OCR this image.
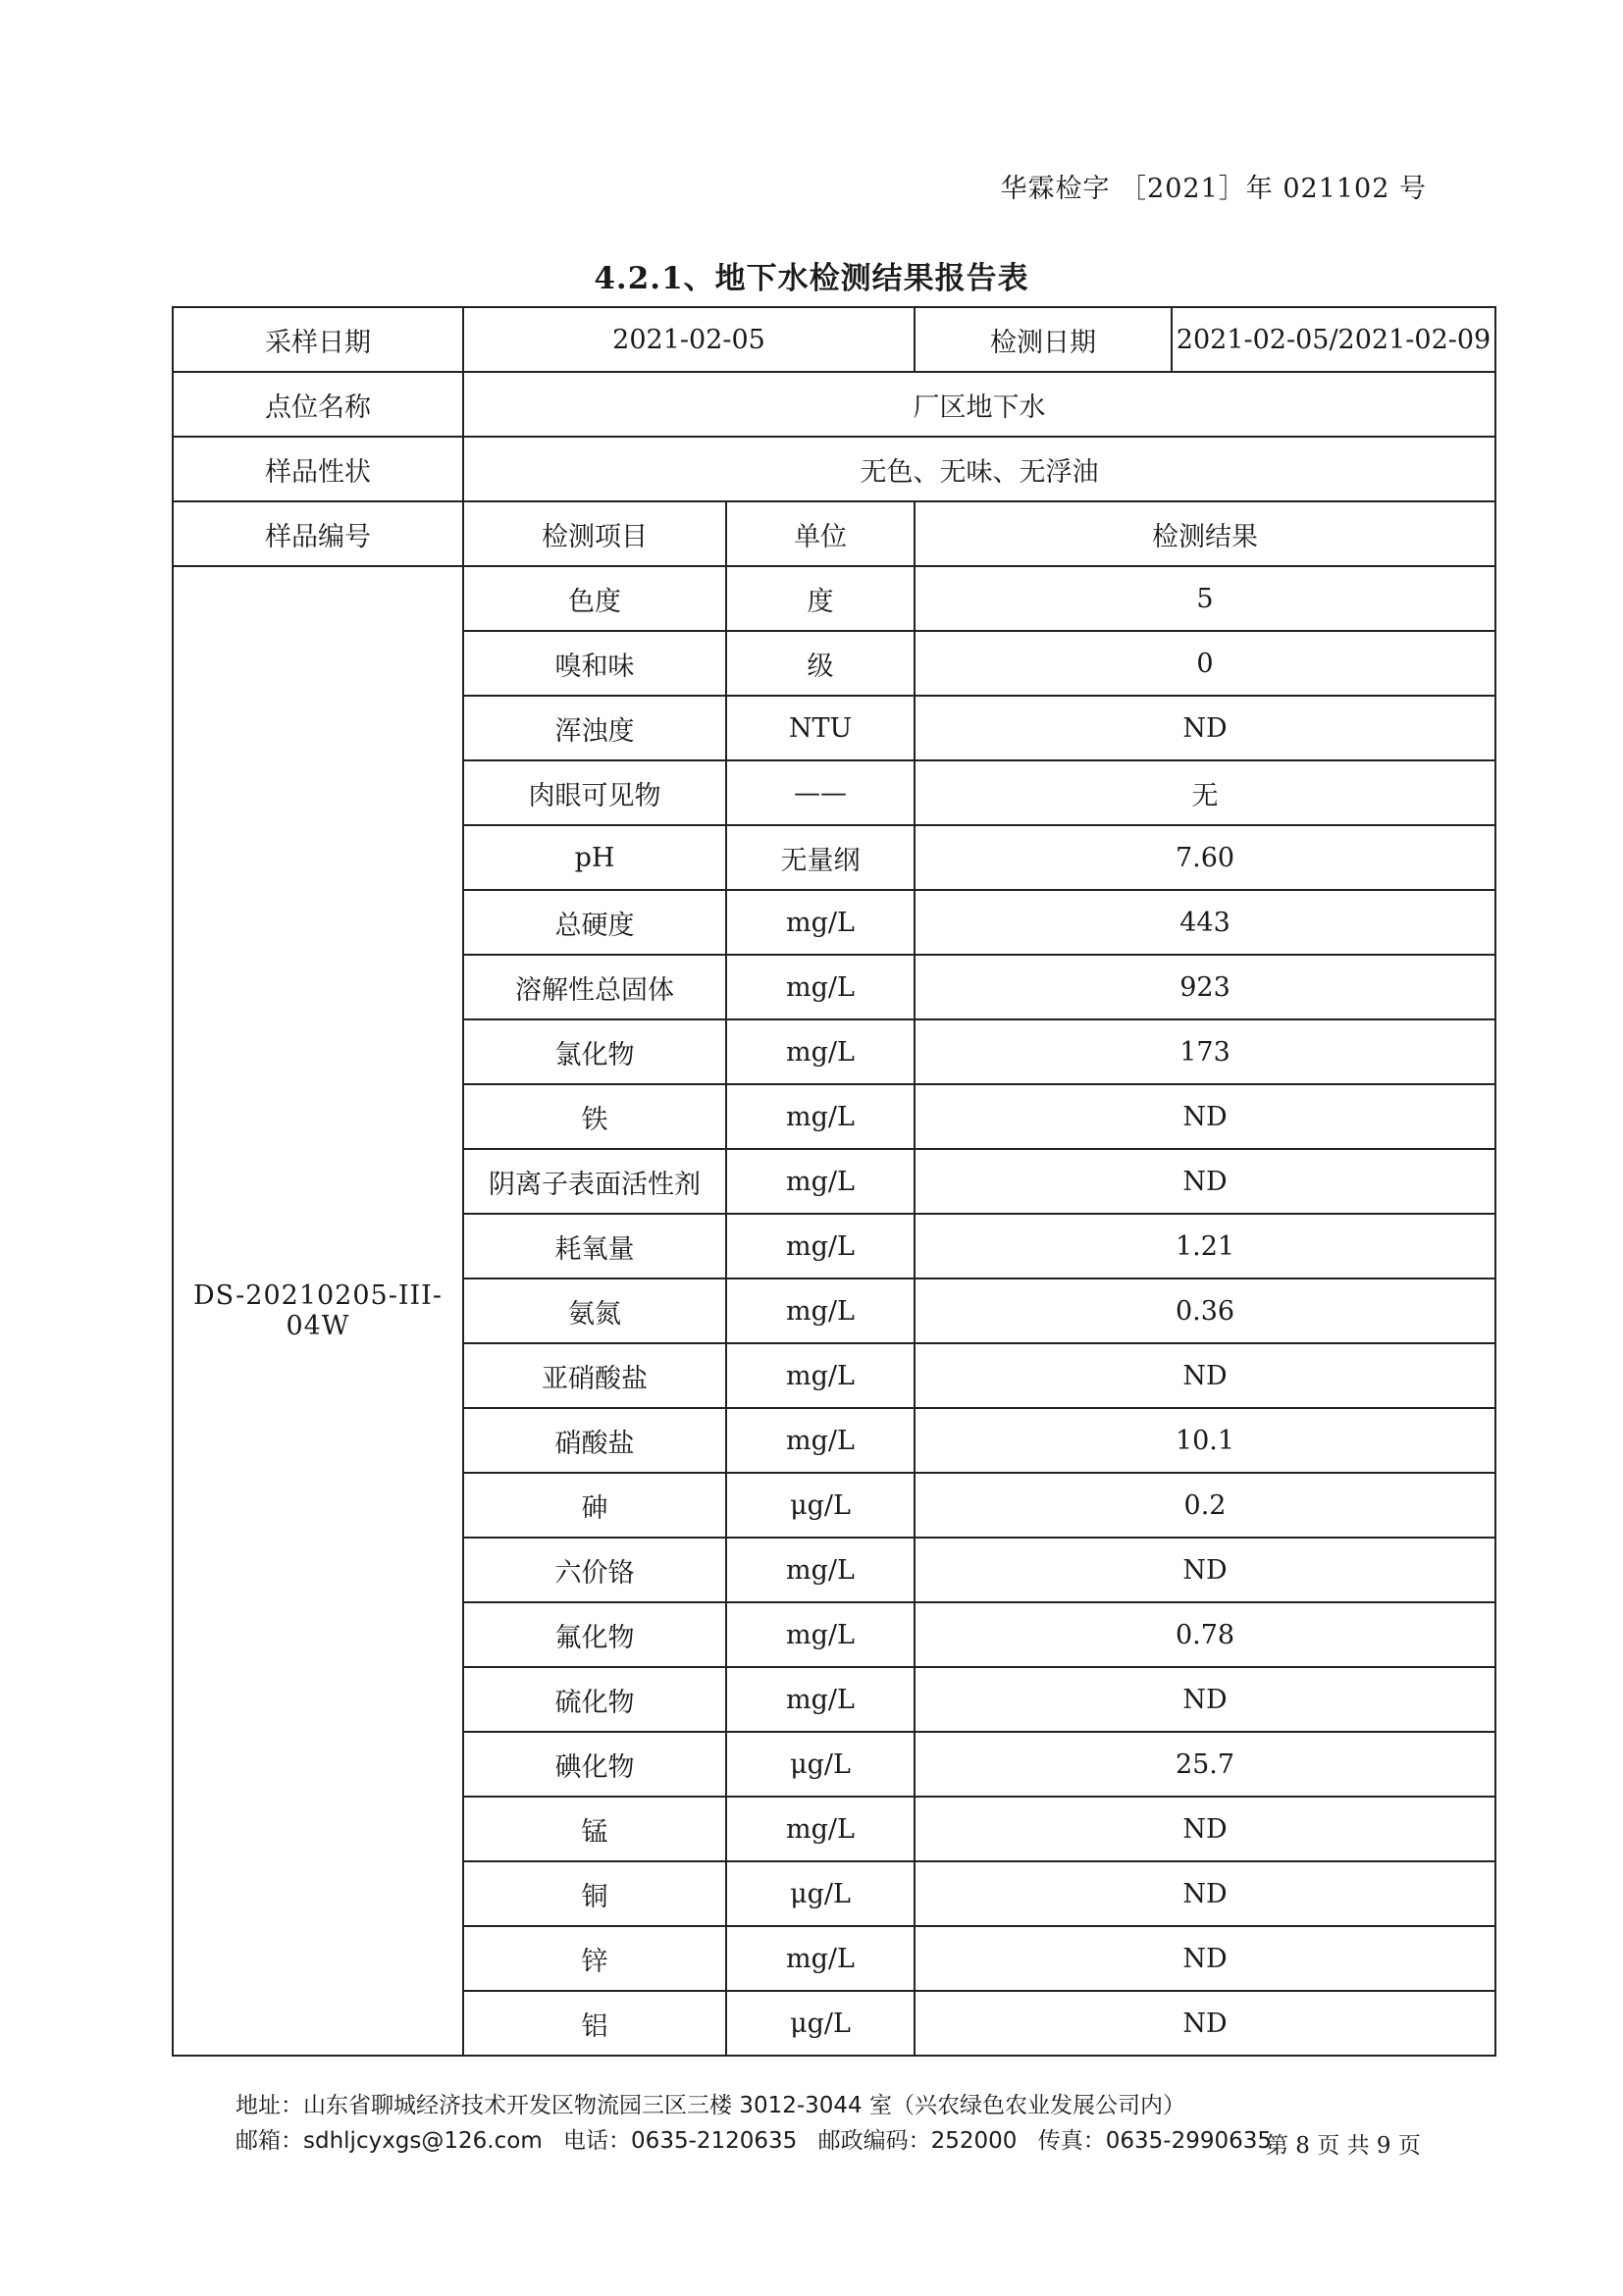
华霖检字 ［2021］年 021102 号
4.2.1、地下水检测结果报告表
采样日期	2021-02-05		检测日期	2021-02-05/2021-02-09
点位名称	厂区地下水			
样品性状	无色、无味、无浮油			
样品编号	检测项目	单位	检测结果	
DS-20210205-III-04W	色度	度	5	
	嗅和味	级	0	
	浑浊度	NTU	ND	
	肉眼可见物	——	无	
	pH	无量纲	7.60	
	总硬度	mg/L	443	
	溶解性总固体	mg/L	923	
	氯化物	mg/L	173	
	铁	mg/L	ND	
	阴离子表面活性剂	mg/L	ND	
	耗氧量	mg/L	1.21	
	氨氮	mg/L	0.36	
	亚硝酸盐	mg/L	ND	
	硝酸盐	mg/L	10.1	
	砷	μg/L	0.2	
	六价铬	mg/L	ND	
	氟化物	mg/L	0.78	
	硫化物	mg/L	ND	
	碘化物	μg/L	25.7	
	锰	mg/L	ND	
	铜	μg/L	ND	
	锌	mg/L	ND	
	铝	μg/L	ND	
地址：山东省聊城经济技术开发区物流园三区三楼 3012-3044 室（兴农绿色农业发展公司内）
邮箱：sdhljcyxgs@126.com 电话：0635-2120635 邮政编码：252000 传真：0635-2990635
第 8 页 共 9 页
